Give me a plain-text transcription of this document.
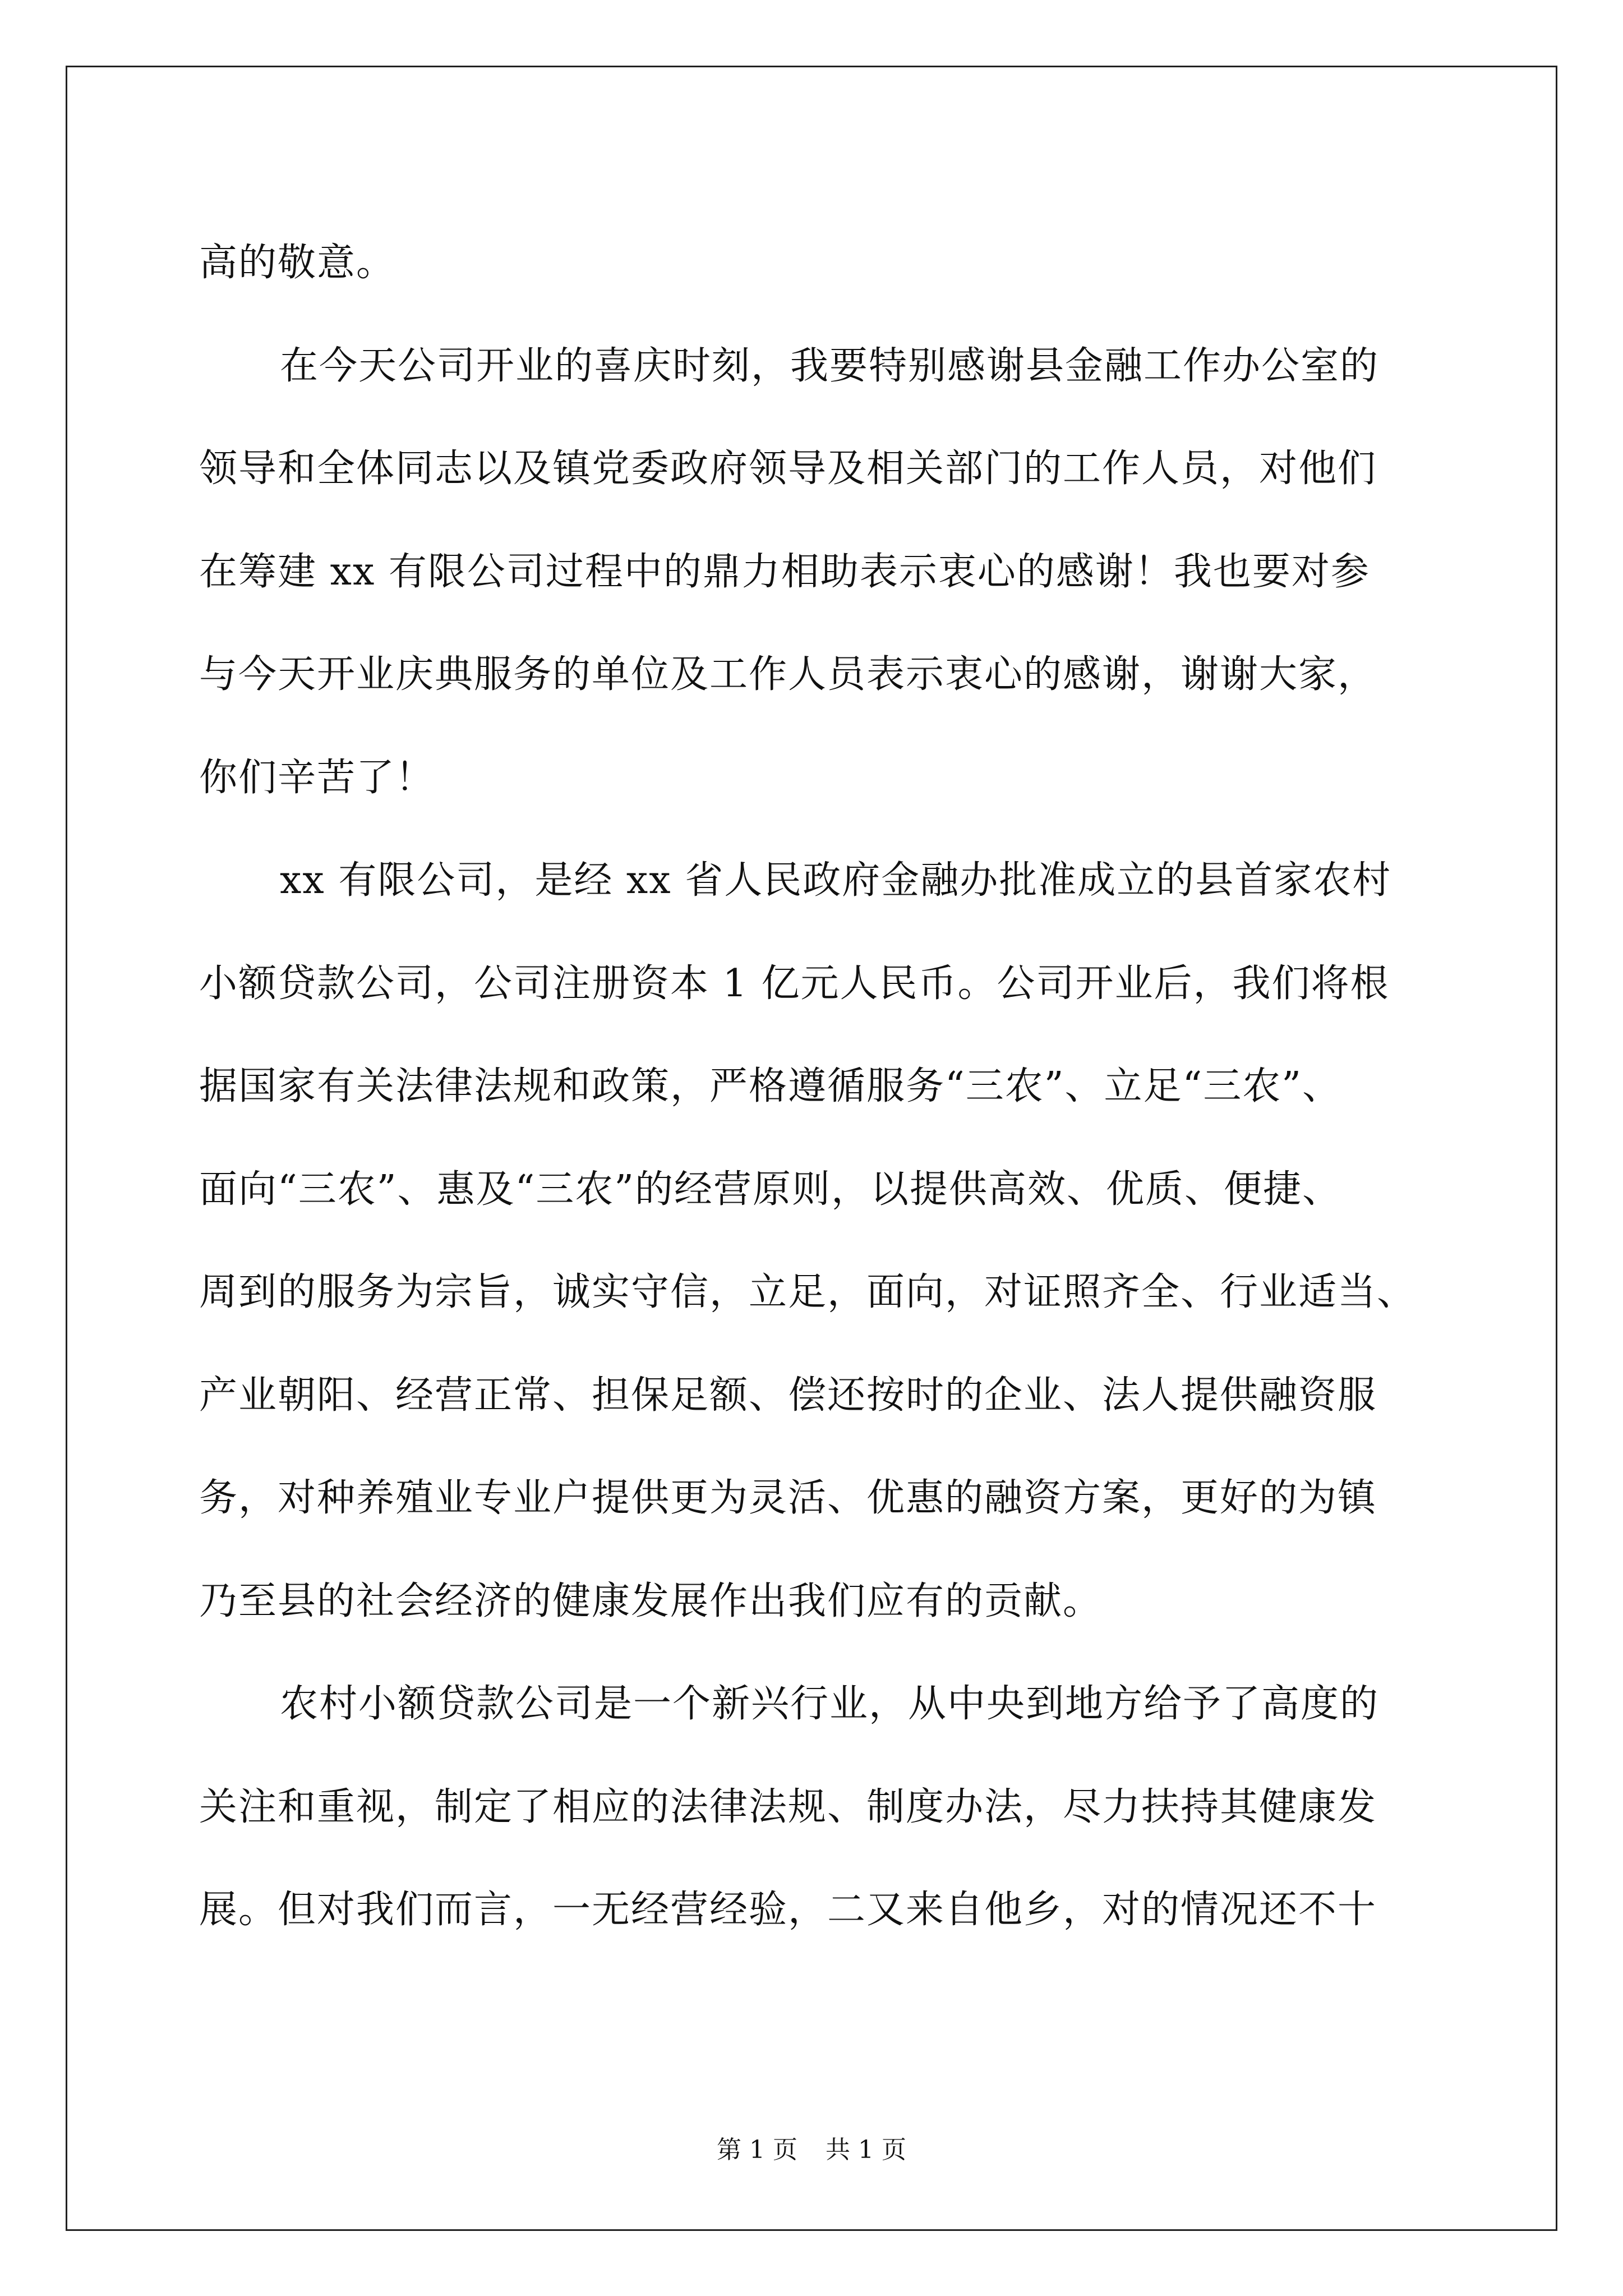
高的敬意。
在今天公司开业的喜庆时刻，我要特别感谢县金融工作办公室的
领导和全体同志以及镇党委政府领导及相关部门的工作人员，对他们
在筹建 xx 有限公司过程中的鼎力相助表示衷心的感谢！我也要对参
与今天开业庆典服务的单位及工作人员表示衷心的感谢，谢谢大家，
你们辛苦了！
xx 有限公司，是经 xx 省人民政府金融办批准成立的县首家农村
小额贷款公司，公司注册资本 1 亿元人民币。公司开业后，我们将根
据国家有关法律法规和政策，严格遵循服务“三农”、立足“三农”、
面向“三农”、惠及“三农”的经营原则，以提供高效、优质、便捷、
周到的服务为宗旨，诚实守信，立足，面向，对证照齐全、行业适当、
产业朝阳、经营正常、担保足额、偿还按时的企业、法人提供融资服
务，对种养殖业专业户提供更为灵活、优惠的融资方案，更好的为镇
乃至县的社会经济的健康发展作出我们应有的贡献。
农村小额贷款公司是一个新兴行业，从中央到地方给予了高度的
关注和重视，制定了相应的法律法规、制度办法，尽力扶持其健康发
展。但对我们而言，一无经营经验，二又来自他乡，对的情况还不十
第 1 页 共 1 页
